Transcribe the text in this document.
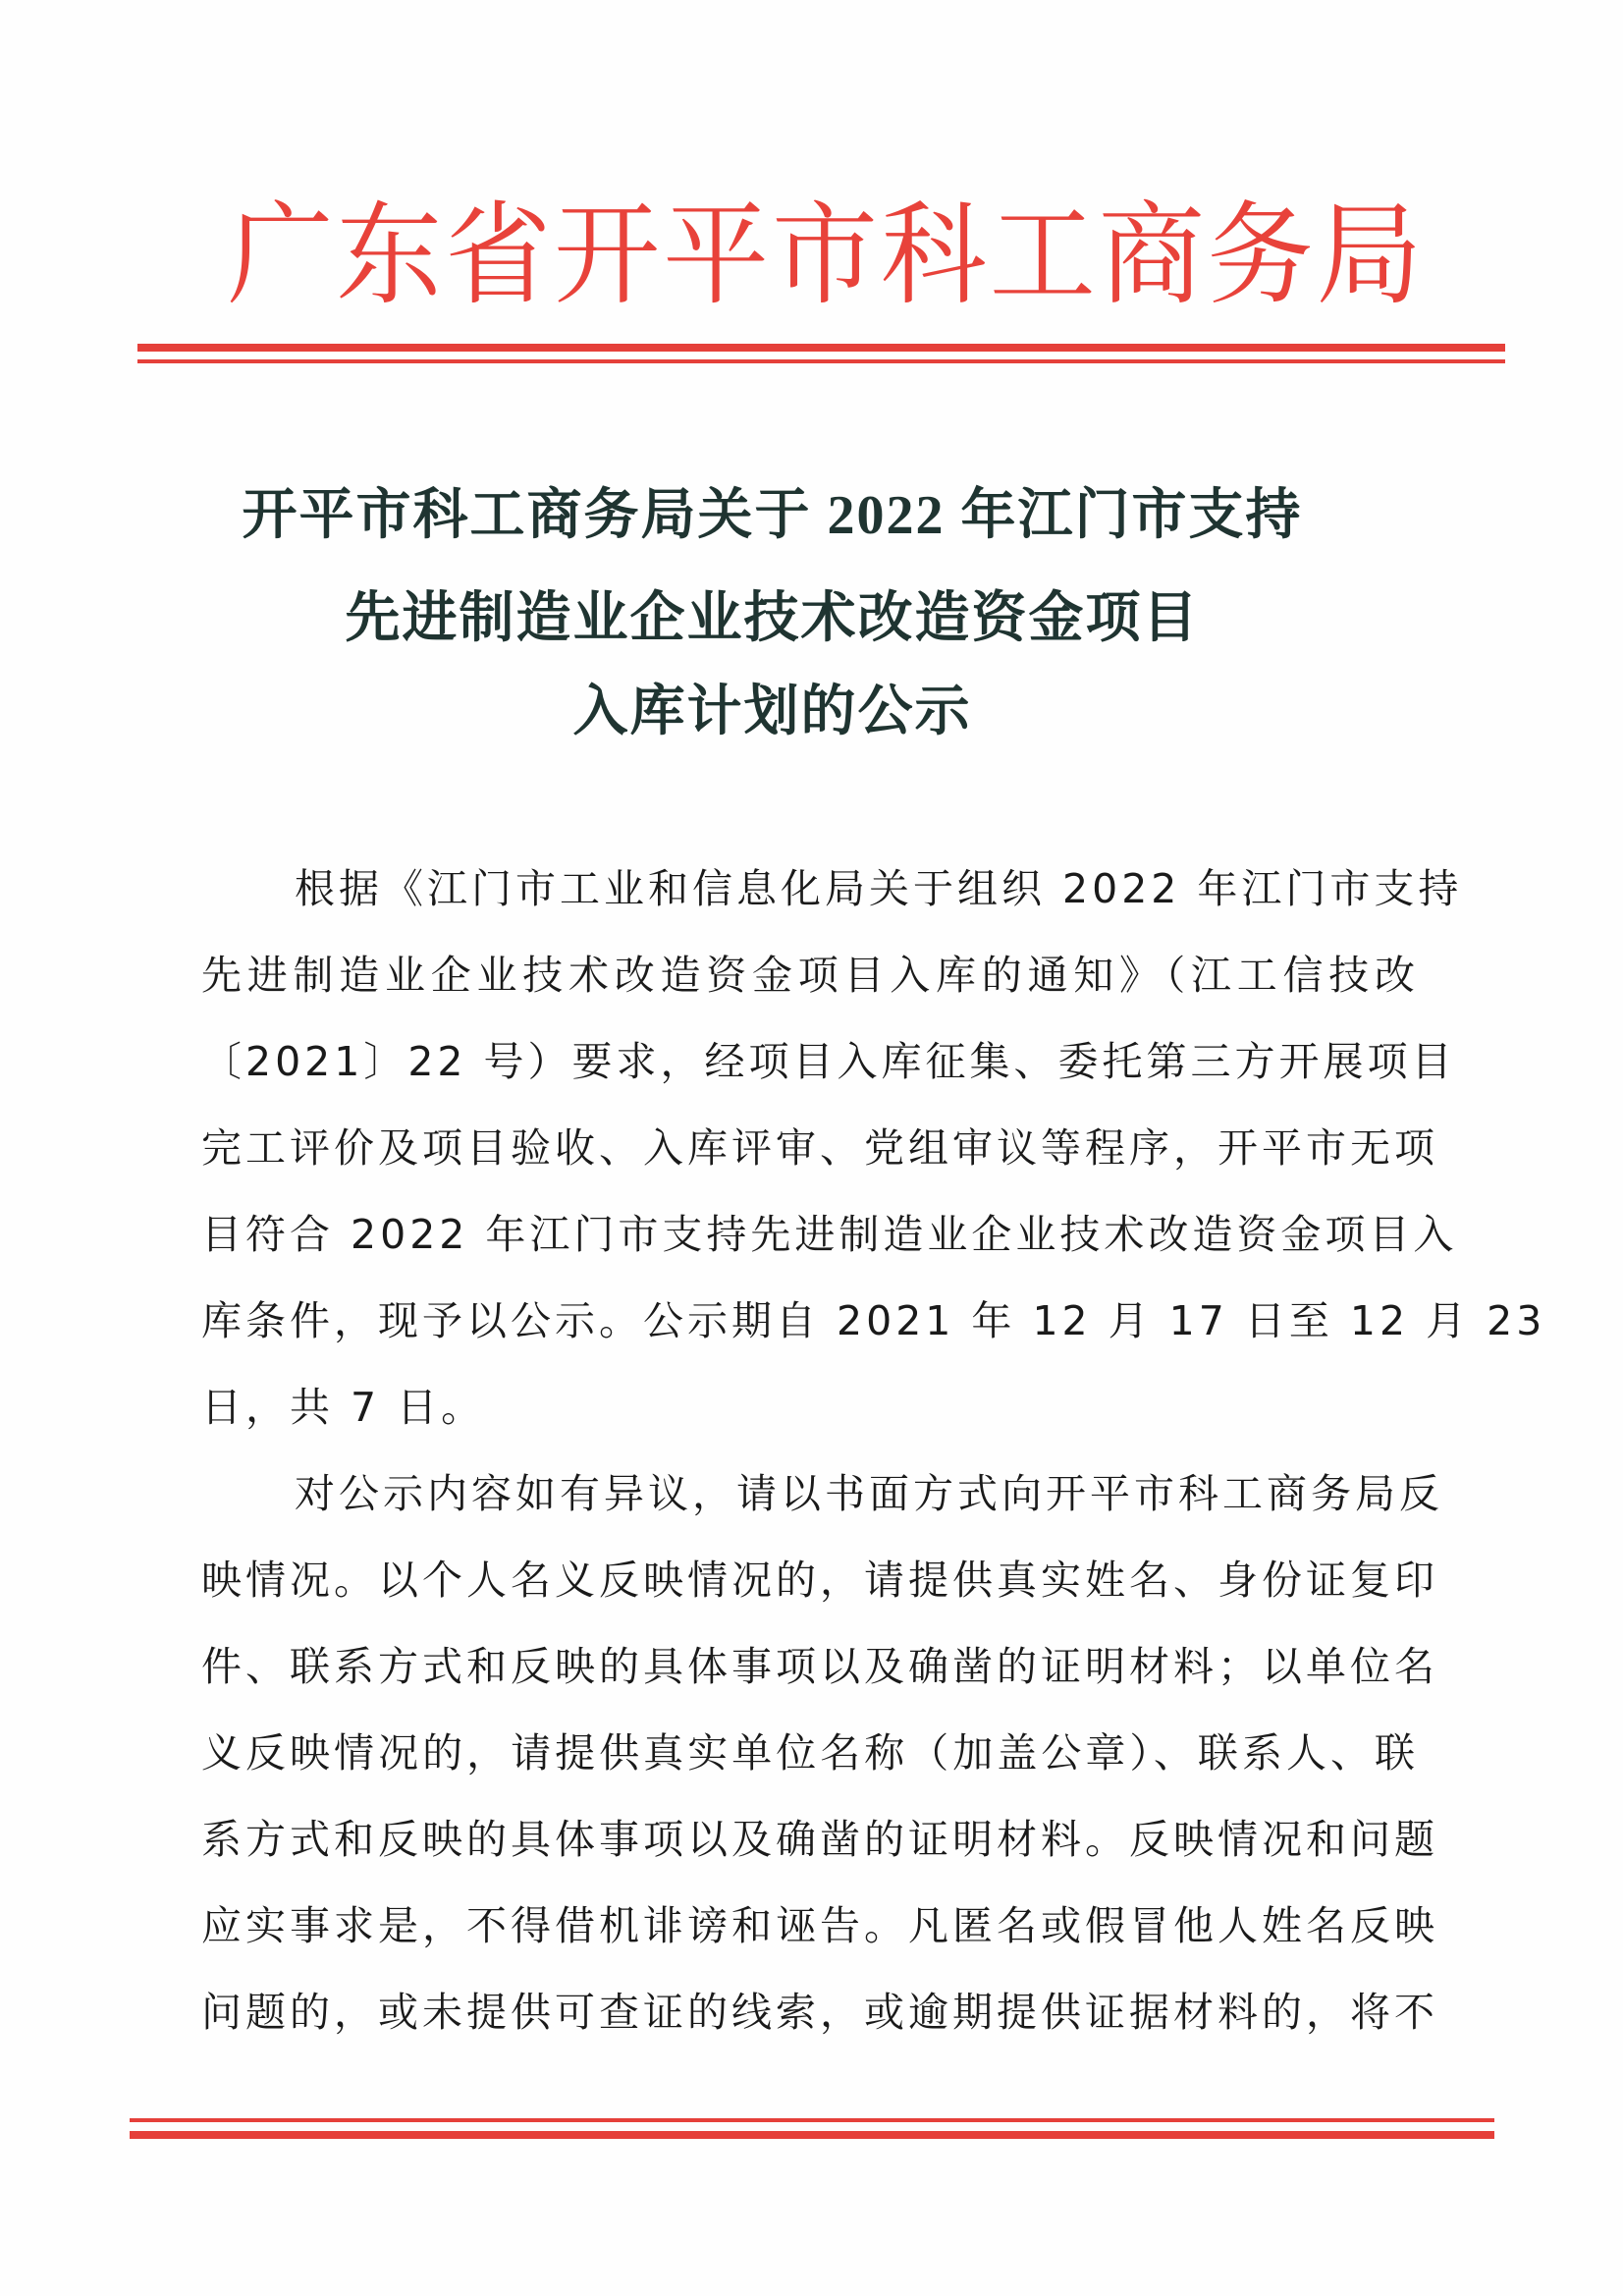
广 东 省 开 平 市 科 工 商 务 局
开平市科工商务局关于 2022 年江门市支持
先进制造业企业技术改造资金项目
入库计划的公示
根据《江门市工业和信息化局关于组织 2022 年江门市支持
先进制造业企业技术改造资金项目入库的通知》（江工信技改
〔2021〕22 号）要求，经项目入库征集、委托第三方开展项目
完工评价及项目验收、入库评审、党组审议等程序，开平市无项
目符合 2022 年江门市支持先进制造业企业技术改造资金项目入
库条件，现予以公示。公示期自 2021 年 12 月 17 日至 12 月 23
日，共 7 日。
对公示内容如有异议，请以书面方式向开平市科工商务局反
映情况。以个人名义反映情况的，请提供真实姓名、身份证复印
件、联系方式和反映的具体事项以及确凿的证明材料；以单位名
义反映情况的，请提供真实单位名称（加盖公章）、联系人、联
系方式和反映的具体事项以及确凿的证明材料。反映情况和问题
应实事求是，不得借机诽谤和诬告。凡匿名或假冒他人姓名反映
问题的，或未提供可查证的线索，或逾期提供证据材料的，将不
